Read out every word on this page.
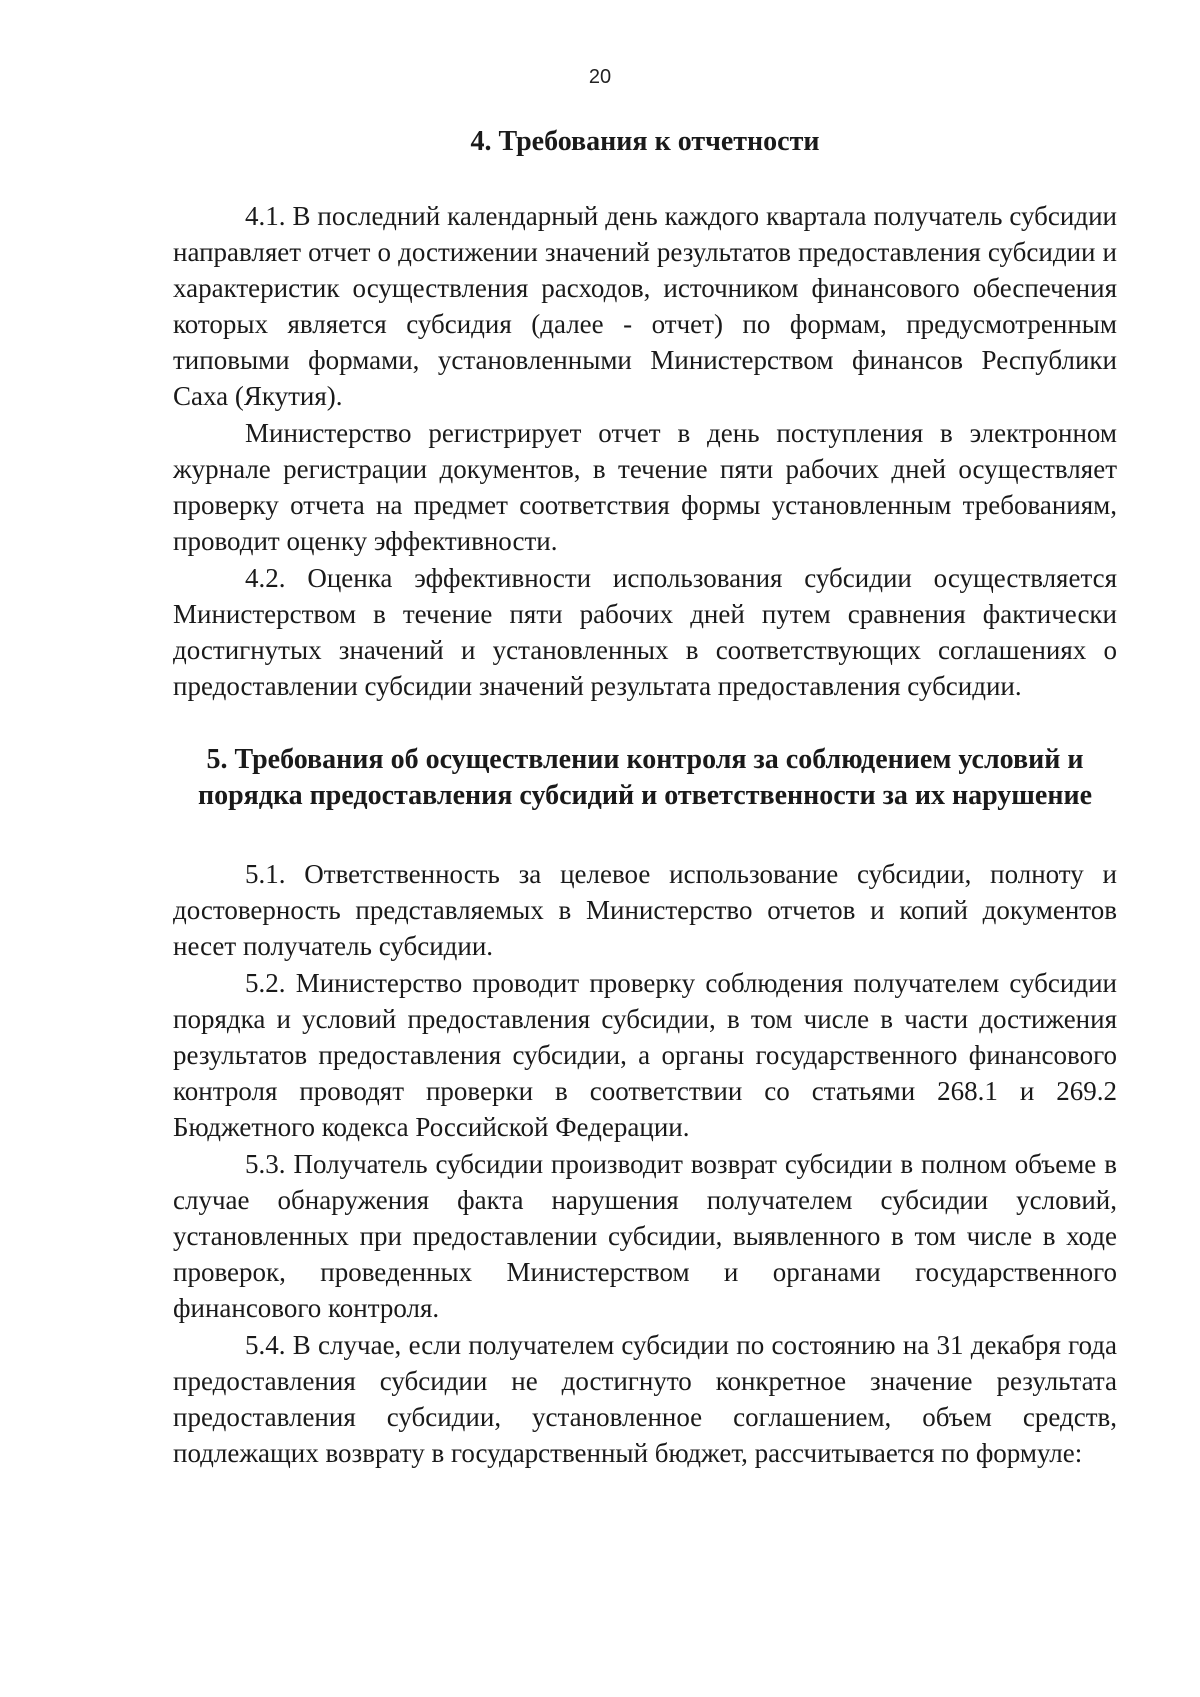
20
4. Требования к отчетности

4.1. В последний календарный день каждого квартала получатель субсидии направляет отчет о достижении значений результатов предоставления субсидии и характеристик осуществления расходов, источником финансового обеспечения которых является субсидия (далее - отчет) по формам, предусмотренным типовыми формами, установленными Министерством финансов Республики Саха (Якутия).

Министерство регистрирует отчет в день поступления в электронном журнале регистрации документов, в течение пяти рабочих дней осуществляет проверку отчета на предмет соответствия формы установленным требованиям, проводит оценку эффективности.

4.2. Оценка эффективности использования субсидии осуществляется Министерством в течение пяти рабочих дней путем сравнения фактически достигнутых значений и установленных в соответствующих соглашениях о предоставлении субсидии значений результата предоставления субсидии.

5. Требования об осуществлении контроля за соблюдением условий и порядка предоставления субсидий и ответственности за их нарушение

5.1. Ответственность за целевое использование субсидии, полноту и достоверность представляемых в Министерство отчетов и копий документов несет получатель субсидии.

5.2. Министерство проводит проверку соблюдения получателем субсидии порядка и условий предоставления субсидии, в том числе в части достижения результатов предоставления субсидии, а органы государственного финансового контроля проводят проверки в соответствии со статьями 268.1 и 269.2 Бюджетного кодекса Российской Федерации.

5.3. Получатель субсидии производит возврат субсидии в полном объеме в случае обнаружения факта нарушения получателем субсидии условий, установленных при предоставлении субсидии, выявленного в том числе в ходе проверок, проведенных Министерством и органами государственного финансового контроля.

5.4. В случае, если получателем субсидии по состоянию на 31 декабря года предоставления субсидии не достигнуто конкретное значение результата предоставления субсидии, установленное соглашением, объем средств, подлежащих возврату в государственный бюджет, рассчитывается по формуле:
